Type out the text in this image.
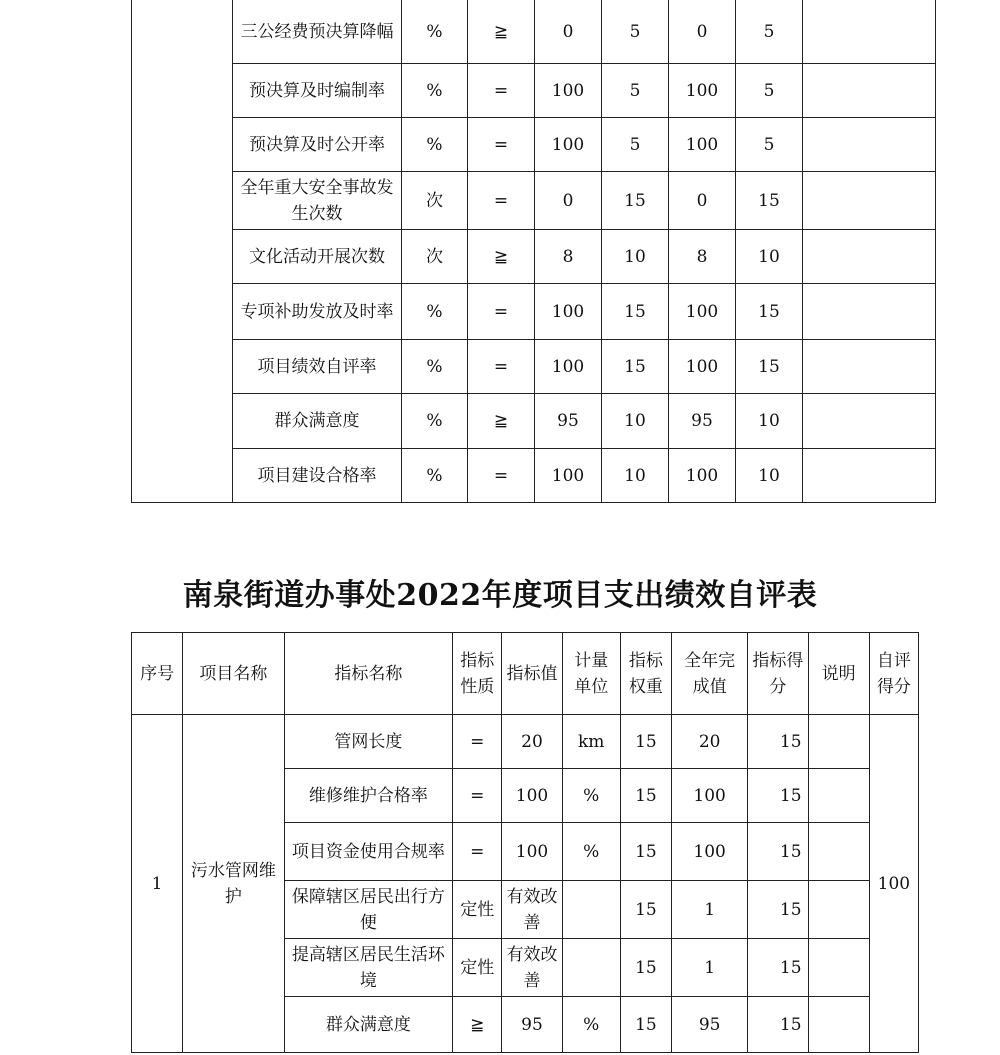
	三公经费预决算降幅	%	≧	0	5	0	5	
	预决算及时编制率	%	=	100	5	100	5	
	预决算及时公开率	%	=	100	5	100	5	
	全年重大安全事故发生次数	次	=	0	15	0	15	
	文化活动开展次数	次	≧	8	10	8	10	
	专项补助发放及时率	%	=	100	15	100	15	
	项目绩效自评率	%	=	100	15	100	15	
	群众满意度	%	≧	95	10	95	10	
	项目建设合格率	%	=	100	10	100	10	
南泉街道办事处2022年度项目支出绩效自评表
序号	项目名称	指标名称	指标性质	指标值	计量单位	指标权重	全年完成值	指标得分	说明	自评得分
1	污水管网维护	管网长度	=	20	km	15	20	15		100
		维修维护合格率	=	100	%	15	100	15		
		项目资金使用合规率	=	100	%	15	100	15		
		保障辖区居民出行方便	定性	有效改善		15	1	15		
		提高辖区居民生活环境	定性	有效改善		15	1	15		
		群众满意度	≧	95	%	15	95	15		
